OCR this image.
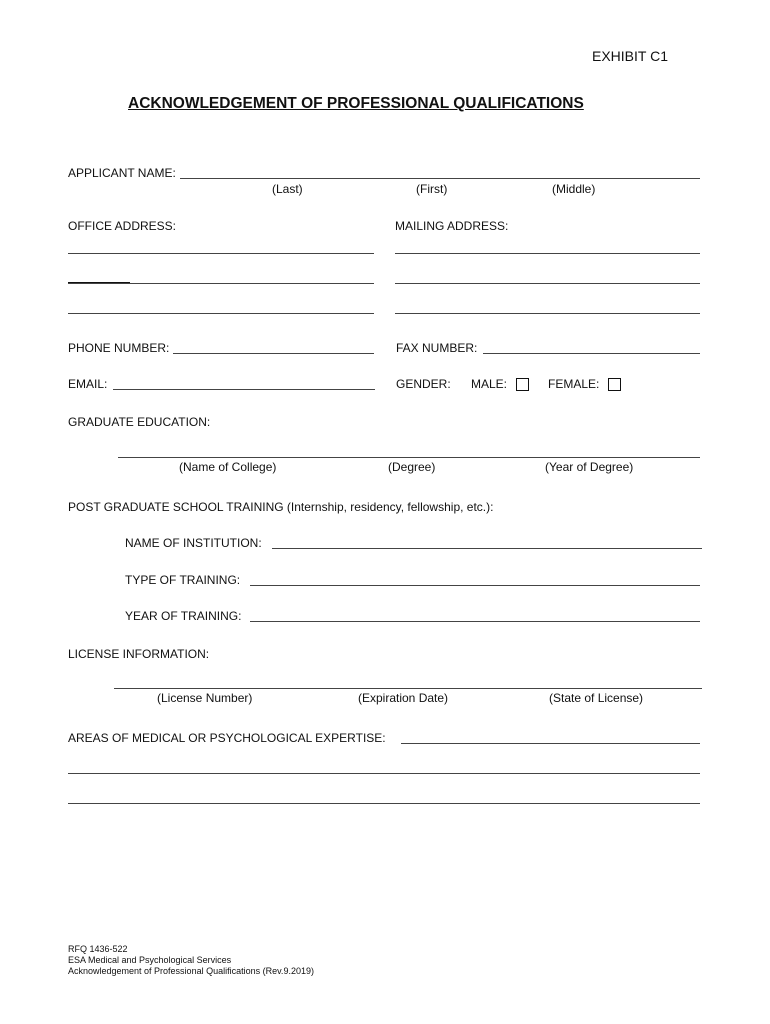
EXHIBIT C1
ACKNOWLEDGEMENT OF PROFESSIONAL QUALIFICATIONS
APPLICANT NAME:
(Last)	(First)	(Middle)
OFFICE ADDRESS:	MAILING ADDRESS:
PHONE NUMBER:	FAX NUMBER:
EMAIL:	GENDER: MALE:	FEMALE:
GRADUATE EDUCATION:
(Name of College)	(Degree)	(Year of Degree)
POST GRADUATE SCHOOL TRAINING (Internship, residency, fellowship, etc.):
NAME OF INSTITUTION:
TYPE OF TRAINING:
YEAR OF TRAINING:
LICENSE INFORMATION:
(License Number)	(Expiration Date)	(State of License)
AREAS OF MEDICAL OR PSYCHOLOGICAL EXPERTISE:
RFQ 1436-522
ESA Medical and Psychological Services
Acknowledgement of Professional Qualifications (Rev.9.2019)
